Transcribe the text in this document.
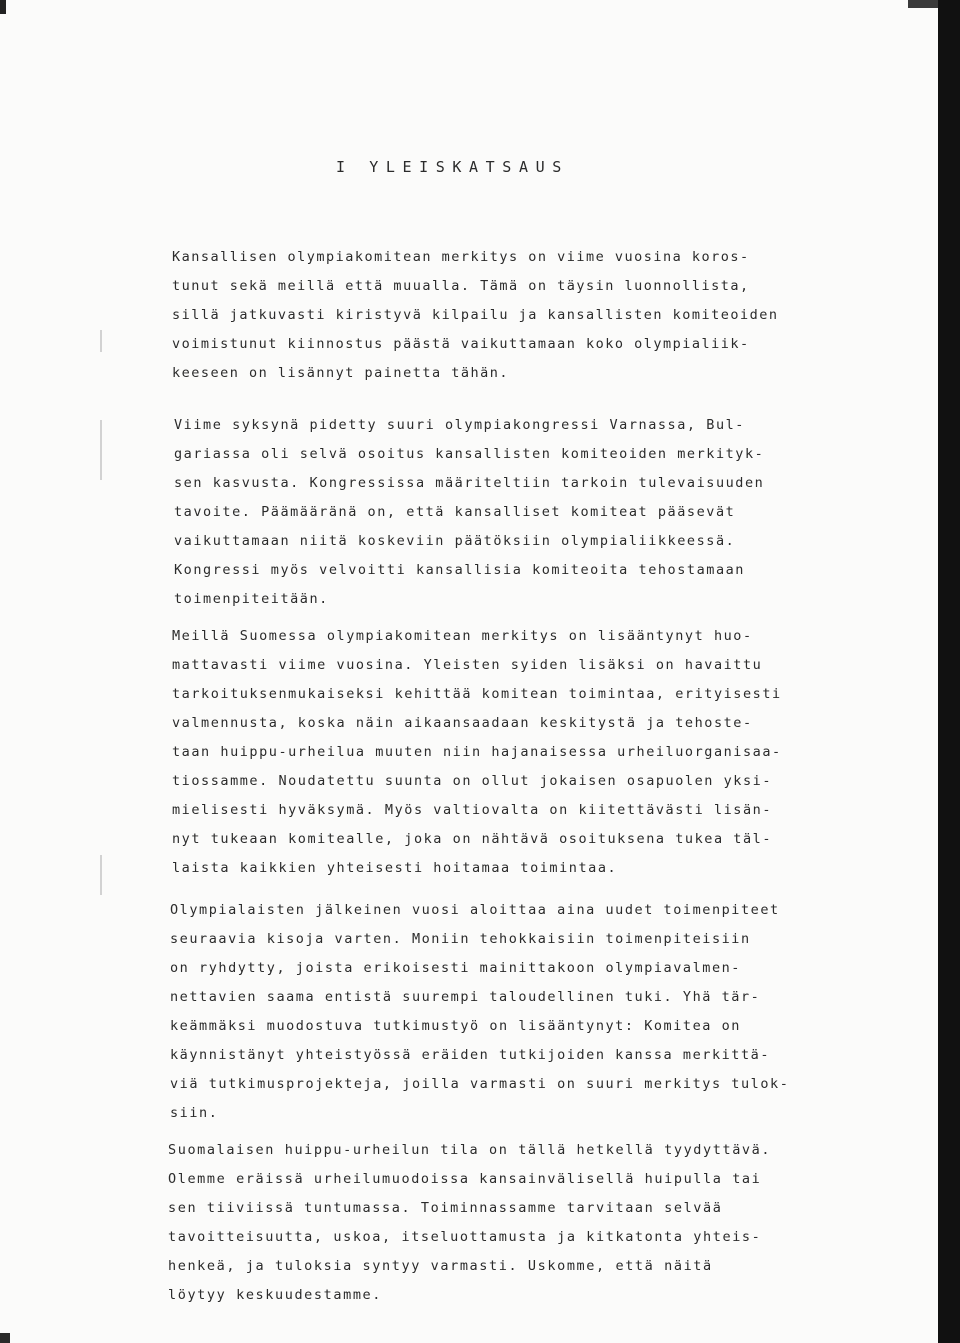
I YLEISKATSAUS
Kansallisen olympiakomitean merkitys on viime vuosina koros-
tunut sekä meillä että muualla. Tämä on täysin luonnollista,
sillä jatkuvasti kiristyvä kilpailu ja kansallisten komiteoiden
voimistunut kiinnostus päästä vaikuttamaan koko olympialiik-
keeseen on lisännyt painetta tähän.
Viime syksynä pidetty suuri olympiakongressi Varnassa, Bul-
gariassa oli selvä osoitus kansallisten komiteoiden merkityk-
sen kasvusta. Kongressissa määriteltiin tarkoin tulevaisuuden
tavoite. Päämääränä on, että kansalliset komiteat pääsevät
vaikuttamaan niitä koskeviin päätöksiin olympialiikkeessä.
Kongressi myös velvoitti kansallisia komiteoita tehostamaan
toimenpiteitään.
Meillä Suomessa olympiakomitean merkitys on lisääntynyt huo-
mattavasti viime vuosina. Yleisten syiden lisäksi on havaittu
tarkoituksenmukaiseksi kehittää komitean toimintaa, erityisesti
valmennusta, koska näin aikaansaadaan keskitystä ja tehoste-
taan huippu-urheilua muuten niin hajanaisessa urheiluorganisaa-
tiossamme. Noudatettu suunta on ollut jokaisen osapuolen yksi-
mielisesti hyväksymä. Myös valtiovalta on kiitettävästi lisän-
nyt tukeaan komitealle, joka on nähtävä osoituksena tukea täl-
laista kaikkien yhteisesti hoitamaa toimintaa.
Olympialaisten jälkeinen vuosi aloittaa aina uudet toimenpiteet
seuraavia kisoja varten. Moniin tehokkaisiin toimenpiteisiin
on ryhdytty, joista erikoisesti mainittakoon olympiavalmen-
nettavien saama entistä suurempi taloudellinen tuki. Yhä tär-
keämmäksi muodostuva tutkimustyö on lisääntynyt: Komitea on
käynnistänyt yhteistyössä eräiden tutkijoiden kanssa merkittä-
viä tutkimusprojekteja, joilla varmasti on suuri merkitys tulok-
siin.
Suomalaisen huippu-urheilun tila on tällä hetkellä tyydyttävä.
Olemme eräissä urheilumuodoissa kansainvälisellä huipulla tai
sen tiiviissä tuntumassa. Toiminnassamme tarvitaan selvää
tavoitteisuutta, uskoa, itseluottamusta ja kitkatonta yhteis-
henkeä, ja tuloksia syntyy varmasti. Uskomme, että näitä
löytyy keskuudestamme.
